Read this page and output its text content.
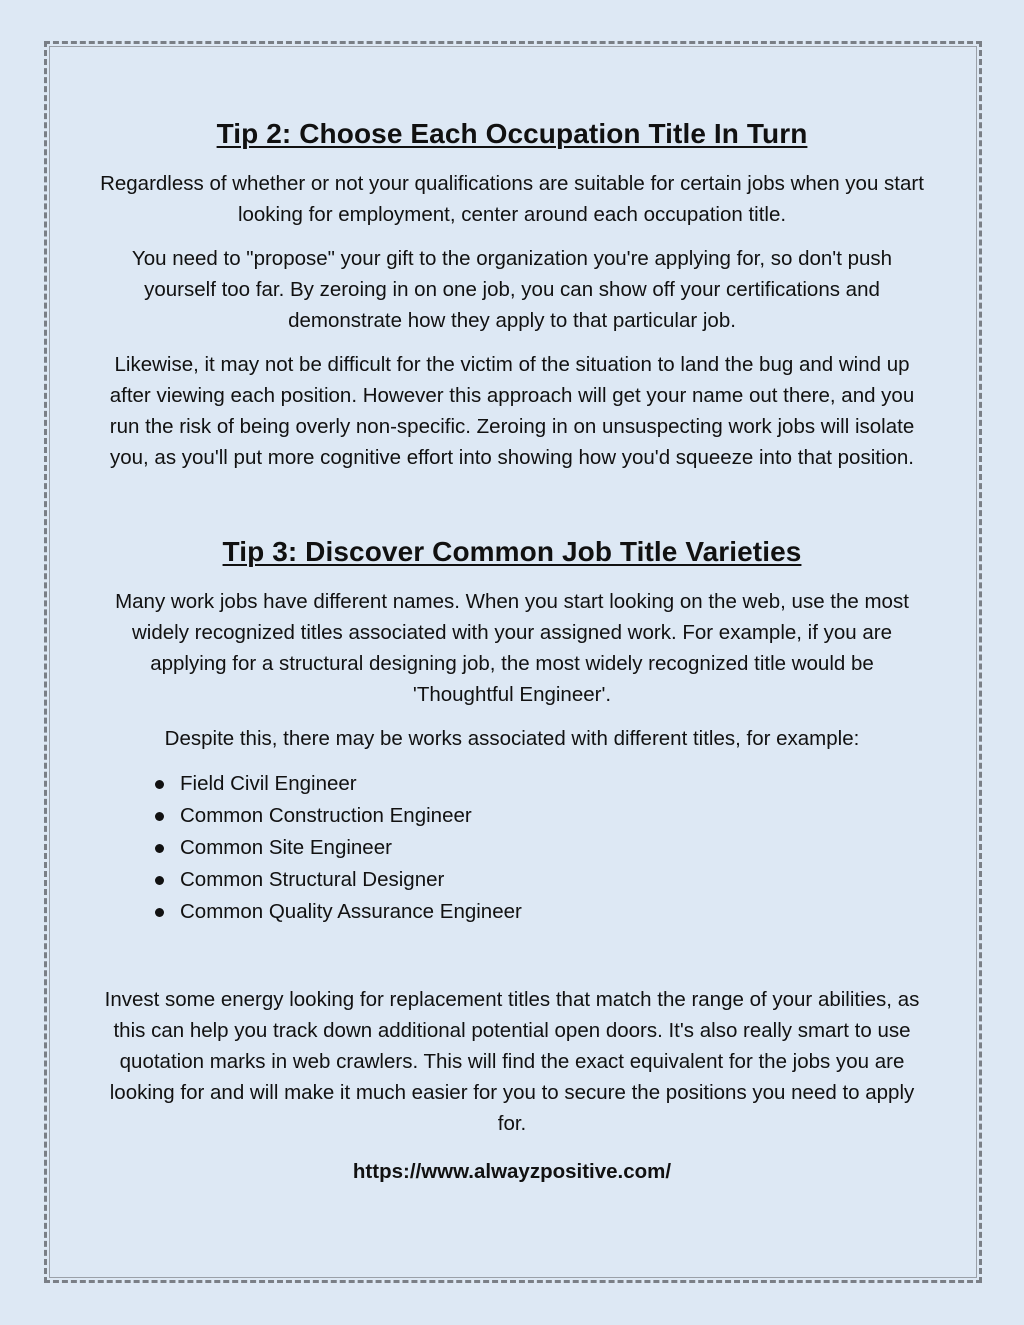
Tip 2: Choose Each Occupation Title In Turn

Regardless of whether or not your qualifications are suitable for certain jobs when you start looking for employment, center around each occupation title.

You need to "propose" your gift to the organization you're applying for, so don't push yourself too far. By zeroing in on one job, you can show off your certifications and demonstrate how they apply to that particular job.

Likewise, it may not be difficult for the victim of the situation to land the bug and wind up after viewing each position. However this approach will get your name out there, and you run the risk of being overly non-specific. Zeroing in on unsuspecting work jobs will isolate you, as you'll put more cognitive effort into showing how you'd squeeze into that position.

Tip 3: Discover Common Job Title Varieties

Many work jobs have different names. When you start looking on the web, use the most widely recognized titles associated with your assigned work. For example, if you are applying for a structural designing job, the most widely recognized title would be 'Thoughtful Engineer'.

Despite this, there may be works associated with different titles, for example:

Field Civil Engineer
Common Construction Engineer
Common Site Engineer
Common Structural Designer
Common Quality Assurance Engineer

Invest some energy looking for replacement titles that match the range of your abilities, as this can help you track down additional potential open doors. It's also really smart to use quotation marks in web crawlers. This will find the exact equivalent for the jobs you are looking for and will make it much easier for you to secure the positions you need to apply for.

https://www.alwayzpositive.com/
